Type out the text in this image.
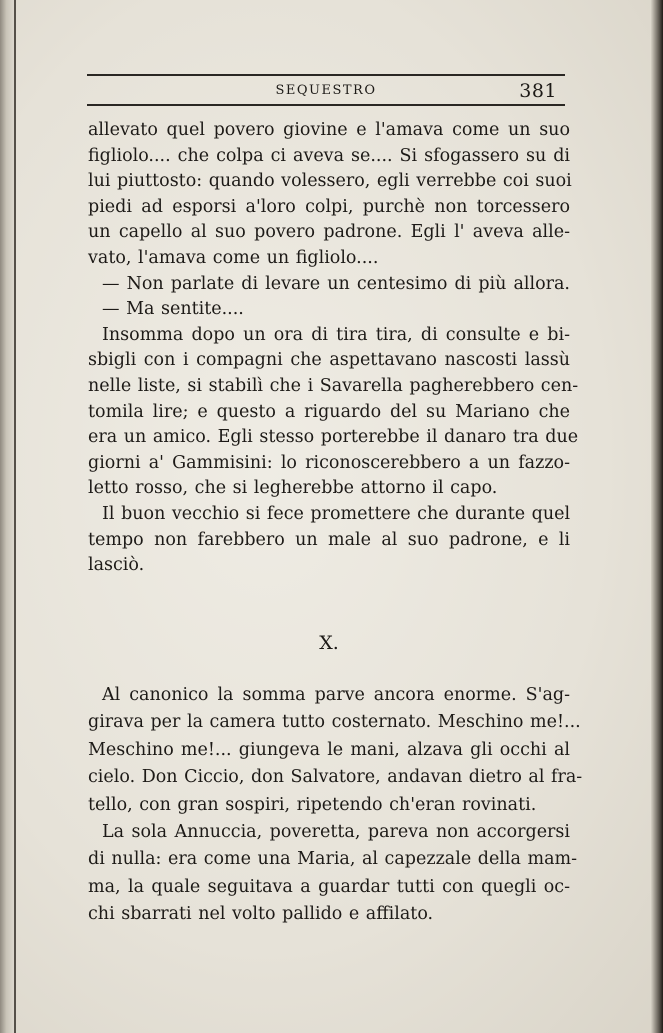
SEQUESTRO	381
allevato quel povero giovine e l'amava come un suo
figliolo.... che colpa ci aveva se.... Si sfogassero su di
lui piuttosto: quando volessero, egli verrebbe coi suoi
piedi ad esporsi a'loro colpi, purchè non torcessero
un capello al suo povero padrone. Egli l' aveva alle-
vato, l'amava come un figliolo....
— Non parlate di levare un centesimo di più allora.
— Ma sentite....
Insomma dopo un ora di tira tira, di consulte e bi-
sbigli con i compagni che aspettavano nascosti lassù
nelle liste, si stabilì che i Savarella pagherebbero cen-
tomila lire; e questo a riguardo del su Mariano che
era un amico. Egli stesso porterebbe il danaro tra due
giorni a' Gammisini: lo riconoscerebbero a un fazzo-
letto rosso, che si legherebbe attorno il capo.
Il buon vecchio si fece promettere che durante quel
tempo non farebbero un male al suo padrone, e li
lasciò.
X.
Al canonico la somma parve ancora enorme. S'ag-
girava per la camera tutto costernato. Meschino me!...
Meschino me!... giungeva le mani, alzava gli occhi al
cielo. Don Ciccio, don Salvatore, andavan dietro al fra-
tello, con gran sospiri, ripetendo ch'eran rovinati.
La sola Annuccia, poveretta, pareva non accorgersi
di nulla: era come una Maria, al capezzale della mam-
ma, la quale seguitava a guardar tutti con quegli oc-
chi sbarrati nel volto pallido e affilato.
